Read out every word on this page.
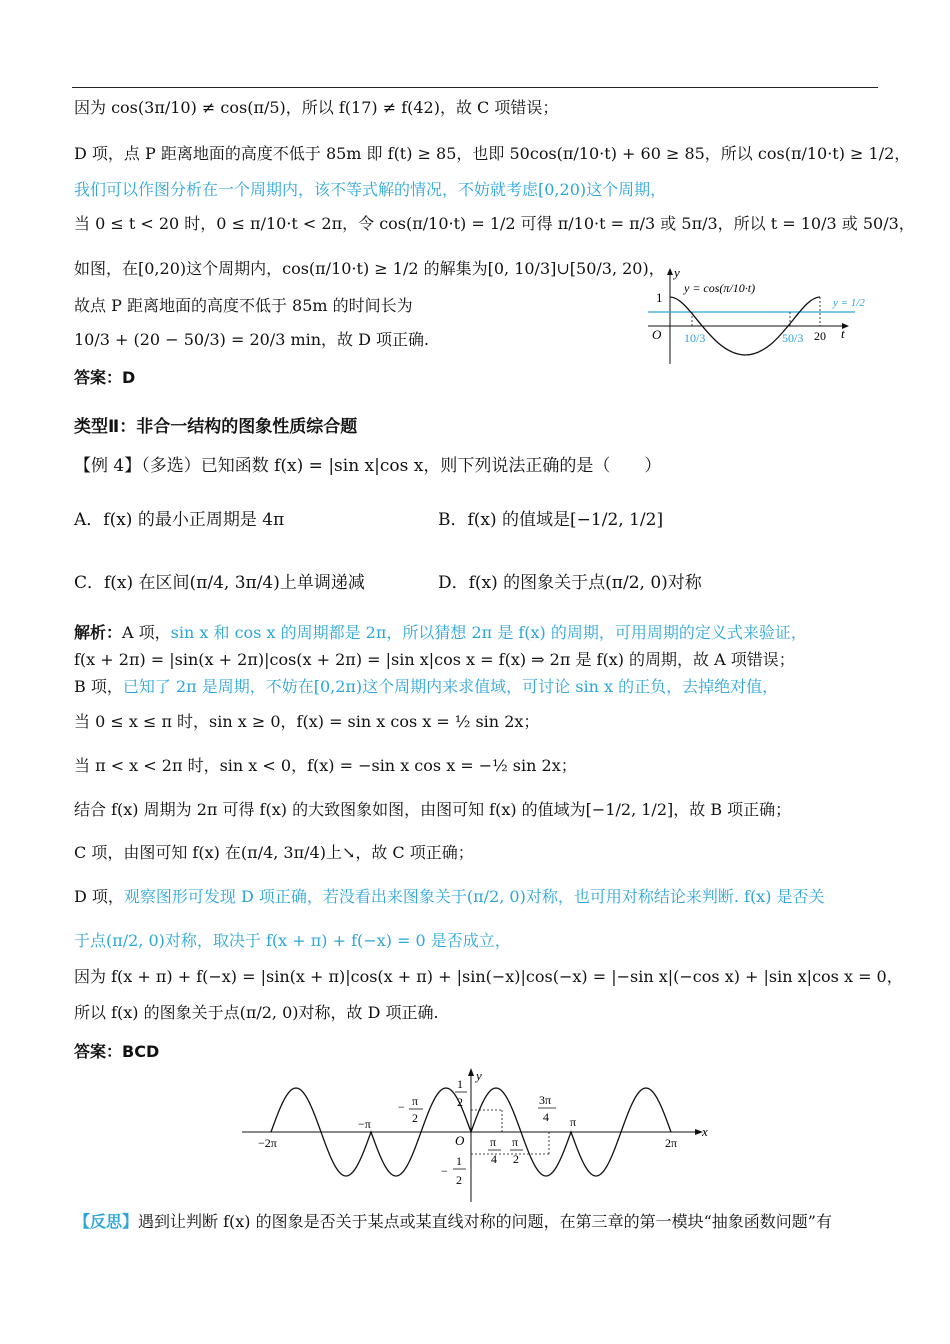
因为 cos(3π/10) ≠ cos(π/5)，所以 f(17) ≠ f(42)，故 C 项错误；
D 项，点 P 距离地面的高度不低于 85m 即 f(t) ≥ 85，也即 50cos(π/10·t) + 60 ≥ 85，所以 cos(π/10·t) ≥ 1/2，
我们可以作图分析在一个周期内，该不等式解的情况，不妨就考虑[0,20)这个周期，
当 0 ≤ t < 20 时，0 ≤ π/10·t < 2π，令 cos(π/10·t) = 1/2 可得 π/10·t = π/3 或 5π/3，所以 t = 10/3 或 50/3，
如图，在[0,20)这个周期内，cos(π/10·t) ≥ 1/2 的解集为[0, 10/3]∪[50/3, 20)，
故点 P 距离地面的高度不低于 85m 的时间长为
10/3 + (20 − 50/3) = 20/3 min，故 D 项正确.
答案：D
y
t
O
1
y = cos(π/10·t)
y = 1/2
10/3	50/3 20
类型Ⅱ：非合一结构的图象性质综合题
【例 4】（多选）已知函数 f(x) = |sin x|cos x，则下列说法正确的是（　　）
A．f(x) 的最小正周期是 4π	B．f(x) 的值域是[−1/2, 1/2]
C．f(x) 在区间(π/4, 3π/4)上单调递减	D．f(x) 的图象关于点(π/2, 0)对称
解析：A 项，sin x 和 cos x 的周期都是 2π，所以猜想 2π 是 f(x) 的周期，可用周期的定义式来验证，
f(x + 2π) = |sin(x + 2π)|cos(x + 2π) = |sin x|cos x = f(x) ⇒ 2π 是 f(x) 的周期，故 A 项错误；
B 项，已知了 2π 是周期，不妨在[0,2π)这个周期内来求值域，可讨论 sin x 的正负，去掉绝对值，
当 0 ≤ x ≤ π 时，sin x ≥ 0，f(x) = sin x cos x = ½ sin 2x；
当 π < x < 2π 时，sin x < 0，f(x) = −sin x cos x = −½ sin 2x；
结合 f(x) 周期为 2π 可得 f(x) 的大致图象如图，由图可知 f(x) 的值域为[−1/2, 1/2]，故 B 项正确；
C 项，由图可知 f(x) 在(π/4, 3π/4)上↘，故 C 项正确；
D 项，观察图形可发现 D 项正确，若没看出来图象关于(π/2, 0)对称，也可用对称结论来判断. f(x) 是否关
于点(π/2, 0)对称，取决于 f(x + π) + f(−x) = 0 是否成立，
因为 f(x + π) + f(−x) = |sin(x + π)|cos(x + π) + |sin(−x)|cos(−x) = |−sin x|(−cos x) + |sin x|cos x = 0，
所以 f(x) 的图象关于点(π/2, 0)对称，故 D 项正确.
答案：BCD
x
y
O
−2π
−π
− π
2
π
4
π
2
3π
4 π
2π
1
2
−
1
2
【反思】遇到让判断 f(x) 的图象是否关于某点或某直线对称的问题，在第三章的第一模块“抽象函数问题”有
